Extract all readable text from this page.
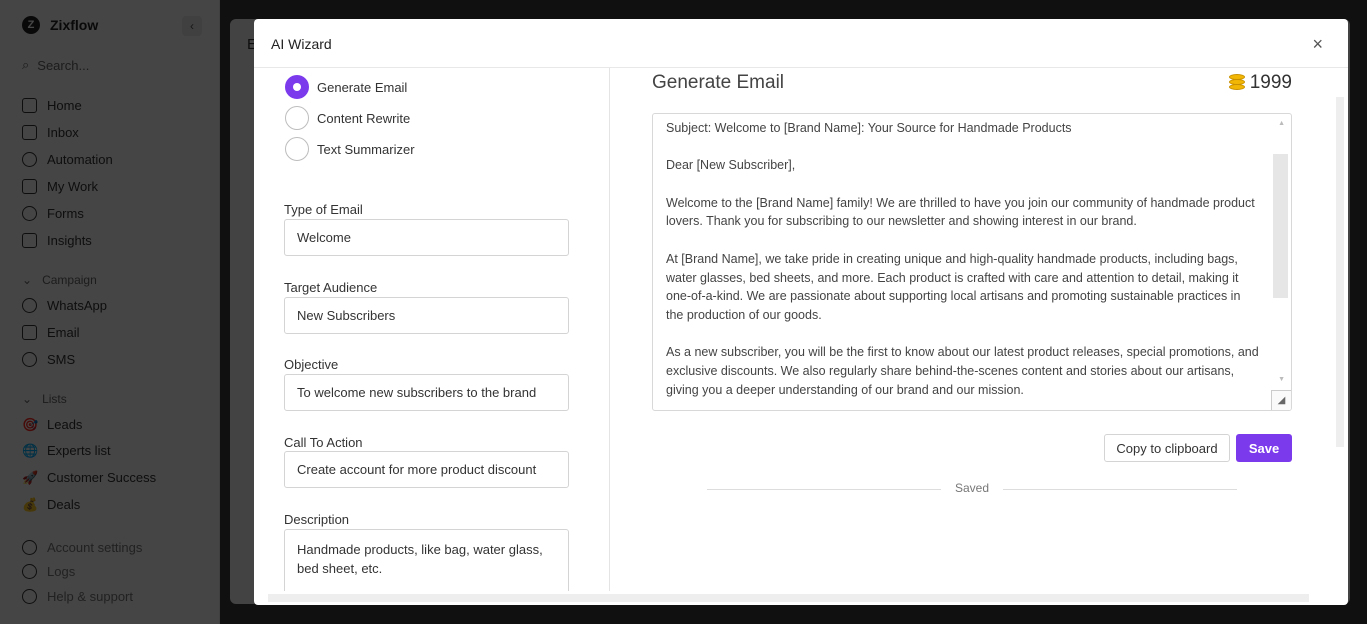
AI Wizard	×
Generate Email
Content Rewrite
Text Summarizer
Type of Email
Welcome
Target Audience
New Subscribers
Objective
To welcome new subscribers to the brand
Call To Action
Create account for more product discount
Description
Handmade products, like bag, water glass, bed sheet, etc.
Generate Email	1999

Subject: Welcome to [Brand Name]: Your Source for Handmade Products

Dear [New Subscriber],

Welcome to the [Brand Name] family! We are thrilled to have you join our community of handmade product lovers. Thank you for subscribing to our newsletter and showing interest in our brand.

At [Brand Name], we take pride in creating unique and high-quality handmade products, including bags, water glasses, bed sheets, and more. Each product is crafted with care and attention to detail, making it one-of-a-kind. We are passionate about supporting local artisans and promoting sustainable practices in the production of our goods.

As a new subscriber, you will be the first to know about our latest product releases, special promotions, and exclusive discounts. We also regularly share behind-the-scenes content and stories about our artisans, giving you a deeper understanding of our brand and our mission.

▲
▼
◢
Copy to clipboard	Save
Saved
